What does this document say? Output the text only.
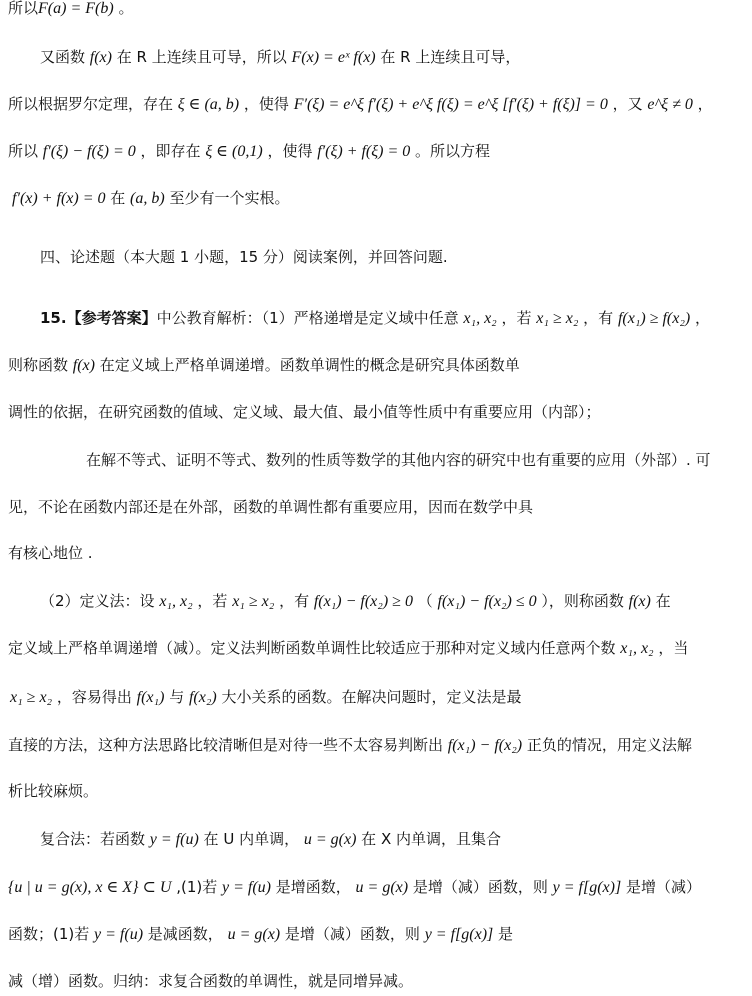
所以F(a) = F(b) 。
又函数 f(x) 在 R 上连续且可导，所以 F(x) = eˣ f(x) 在 R 上连续且可导，
所以根据罗尔定理，存在 ξ ∈ (a, b) ，使得 F′(ξ) = e^ξ f′(ξ) + e^ξ f(ξ) = e^ξ [f′(ξ) + f(ξ)] = 0 ，又 e^ξ ≠ 0 ，
所以 f′(ξ) − f(ξ) = 0 ，即存在 ξ ∈ (0,1) ，使得 f′(ξ) + f(ξ) = 0 。所以方程
f′(x) + f(x) = 0 在 (a, b) 至少有一个实根。
四、论述题（本大题 1 小题，15 分）阅读案例，并回答问题.
15.【参考答案】中公教育解析：（1）严格递增是定义域中任意 x₁, x₂ ，若 x₁ ≥ x₂ ，有 f(x₁) ≥ f(x₂) ，
则称函数 f(x) 在定义域上严格单调递增。函数单调性的概念是研究具体函数单
调性的依据，在研究函数的值域、定义域、最大值、最小值等性质中有重要应用（内部）；
在解不等式、证明不等式、数列的性质等数学的其他内容的研究中也有重要的应用（外部）. 可
见，不论在函数内部还是在外部，函数的单调性都有重要应用，因而在数学中具
有核心地位 .
（2）定义法：设 x₁, x₂ ，若 x₁ ≥ x₂ ，有 f(x₁) − f(x₂) ≥ 0 （ f(x₁) − f(x₂) ≤ 0 ），则称函数 f(x) 在
定义域上严格单调递增（减）。定义法判断函数单调性比较适应于那种对定义域内任意两个数 x₁, x₂ ，当
x₁ ≥ x₂ ，容易得出 f(x₁) 与 f(x₂) 大小关系的函数。在解决问题时，定义法是最
直接的方法，这种方法思路比较清晰但是对待一些不太容易判断出 f(x₁) − f(x₂) 正负的情况，用定义法解
析比较麻烦。
复合法：若函数 y = f(u) 在 U 内单调， u = g(x) 在 X 内单调，且集合
{u | u = g(x), x ∈ X} ⊂ U ,(1)若 y = f(u) 是增函数， u = g(x) 是增（减）函数，则 y = f[g(x)] 是增（减）
函数；(1)若 y = f(u) 是减函数， u = g(x) 是增（减）函数，则 y = f[g(x)] 是
减（增）函数。归纳：求复合函数的单调性，就是同增异减。
